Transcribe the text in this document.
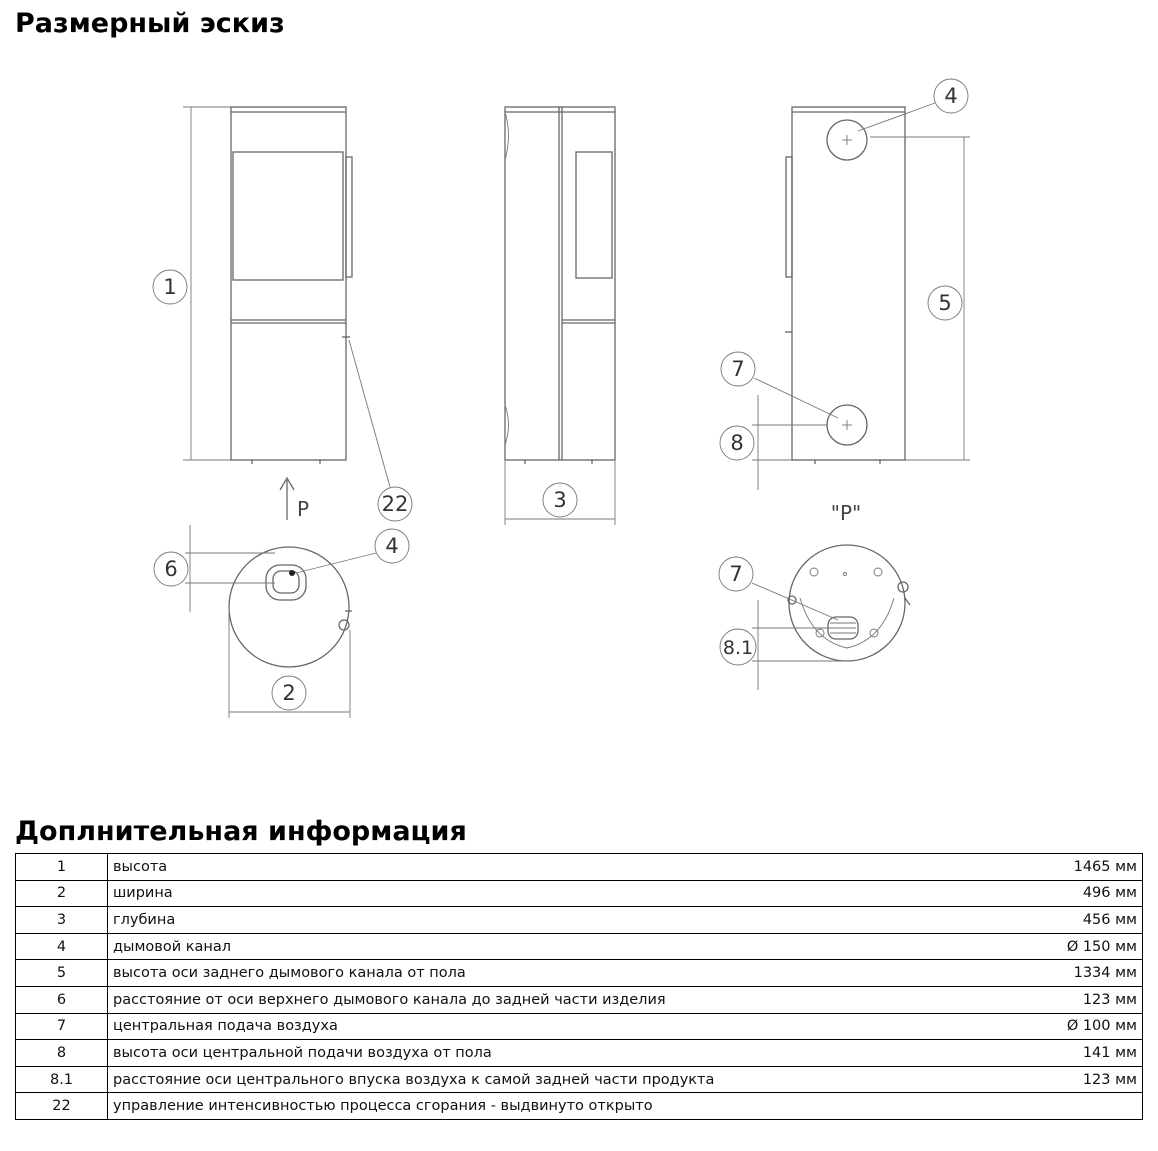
Размерный эскиз
1
22
P	3
4
5
7
8
"P"
4
6
2
7
8.1
Доплнительная информация
1	высота	1465 мм
2	ширина	496 мм
3	глубина	456 мм
4	дымовой канал	Ø 150 мм
5	высота оси заднего дымового канала от пола	1334 мм
6	расстояние от оси верхнего дымового канала до задней части изделия	123 мм
7	центральная подача воздуха	Ø 100 мм
8	высота оси центральной подачи воздуха от пола	141 мм
8.1	расстояние оси центрального впуска воздуха к самой задней части продукта	123 мм
22	управление интенсивностью процесса сгорания - выдвинуто открыто	
